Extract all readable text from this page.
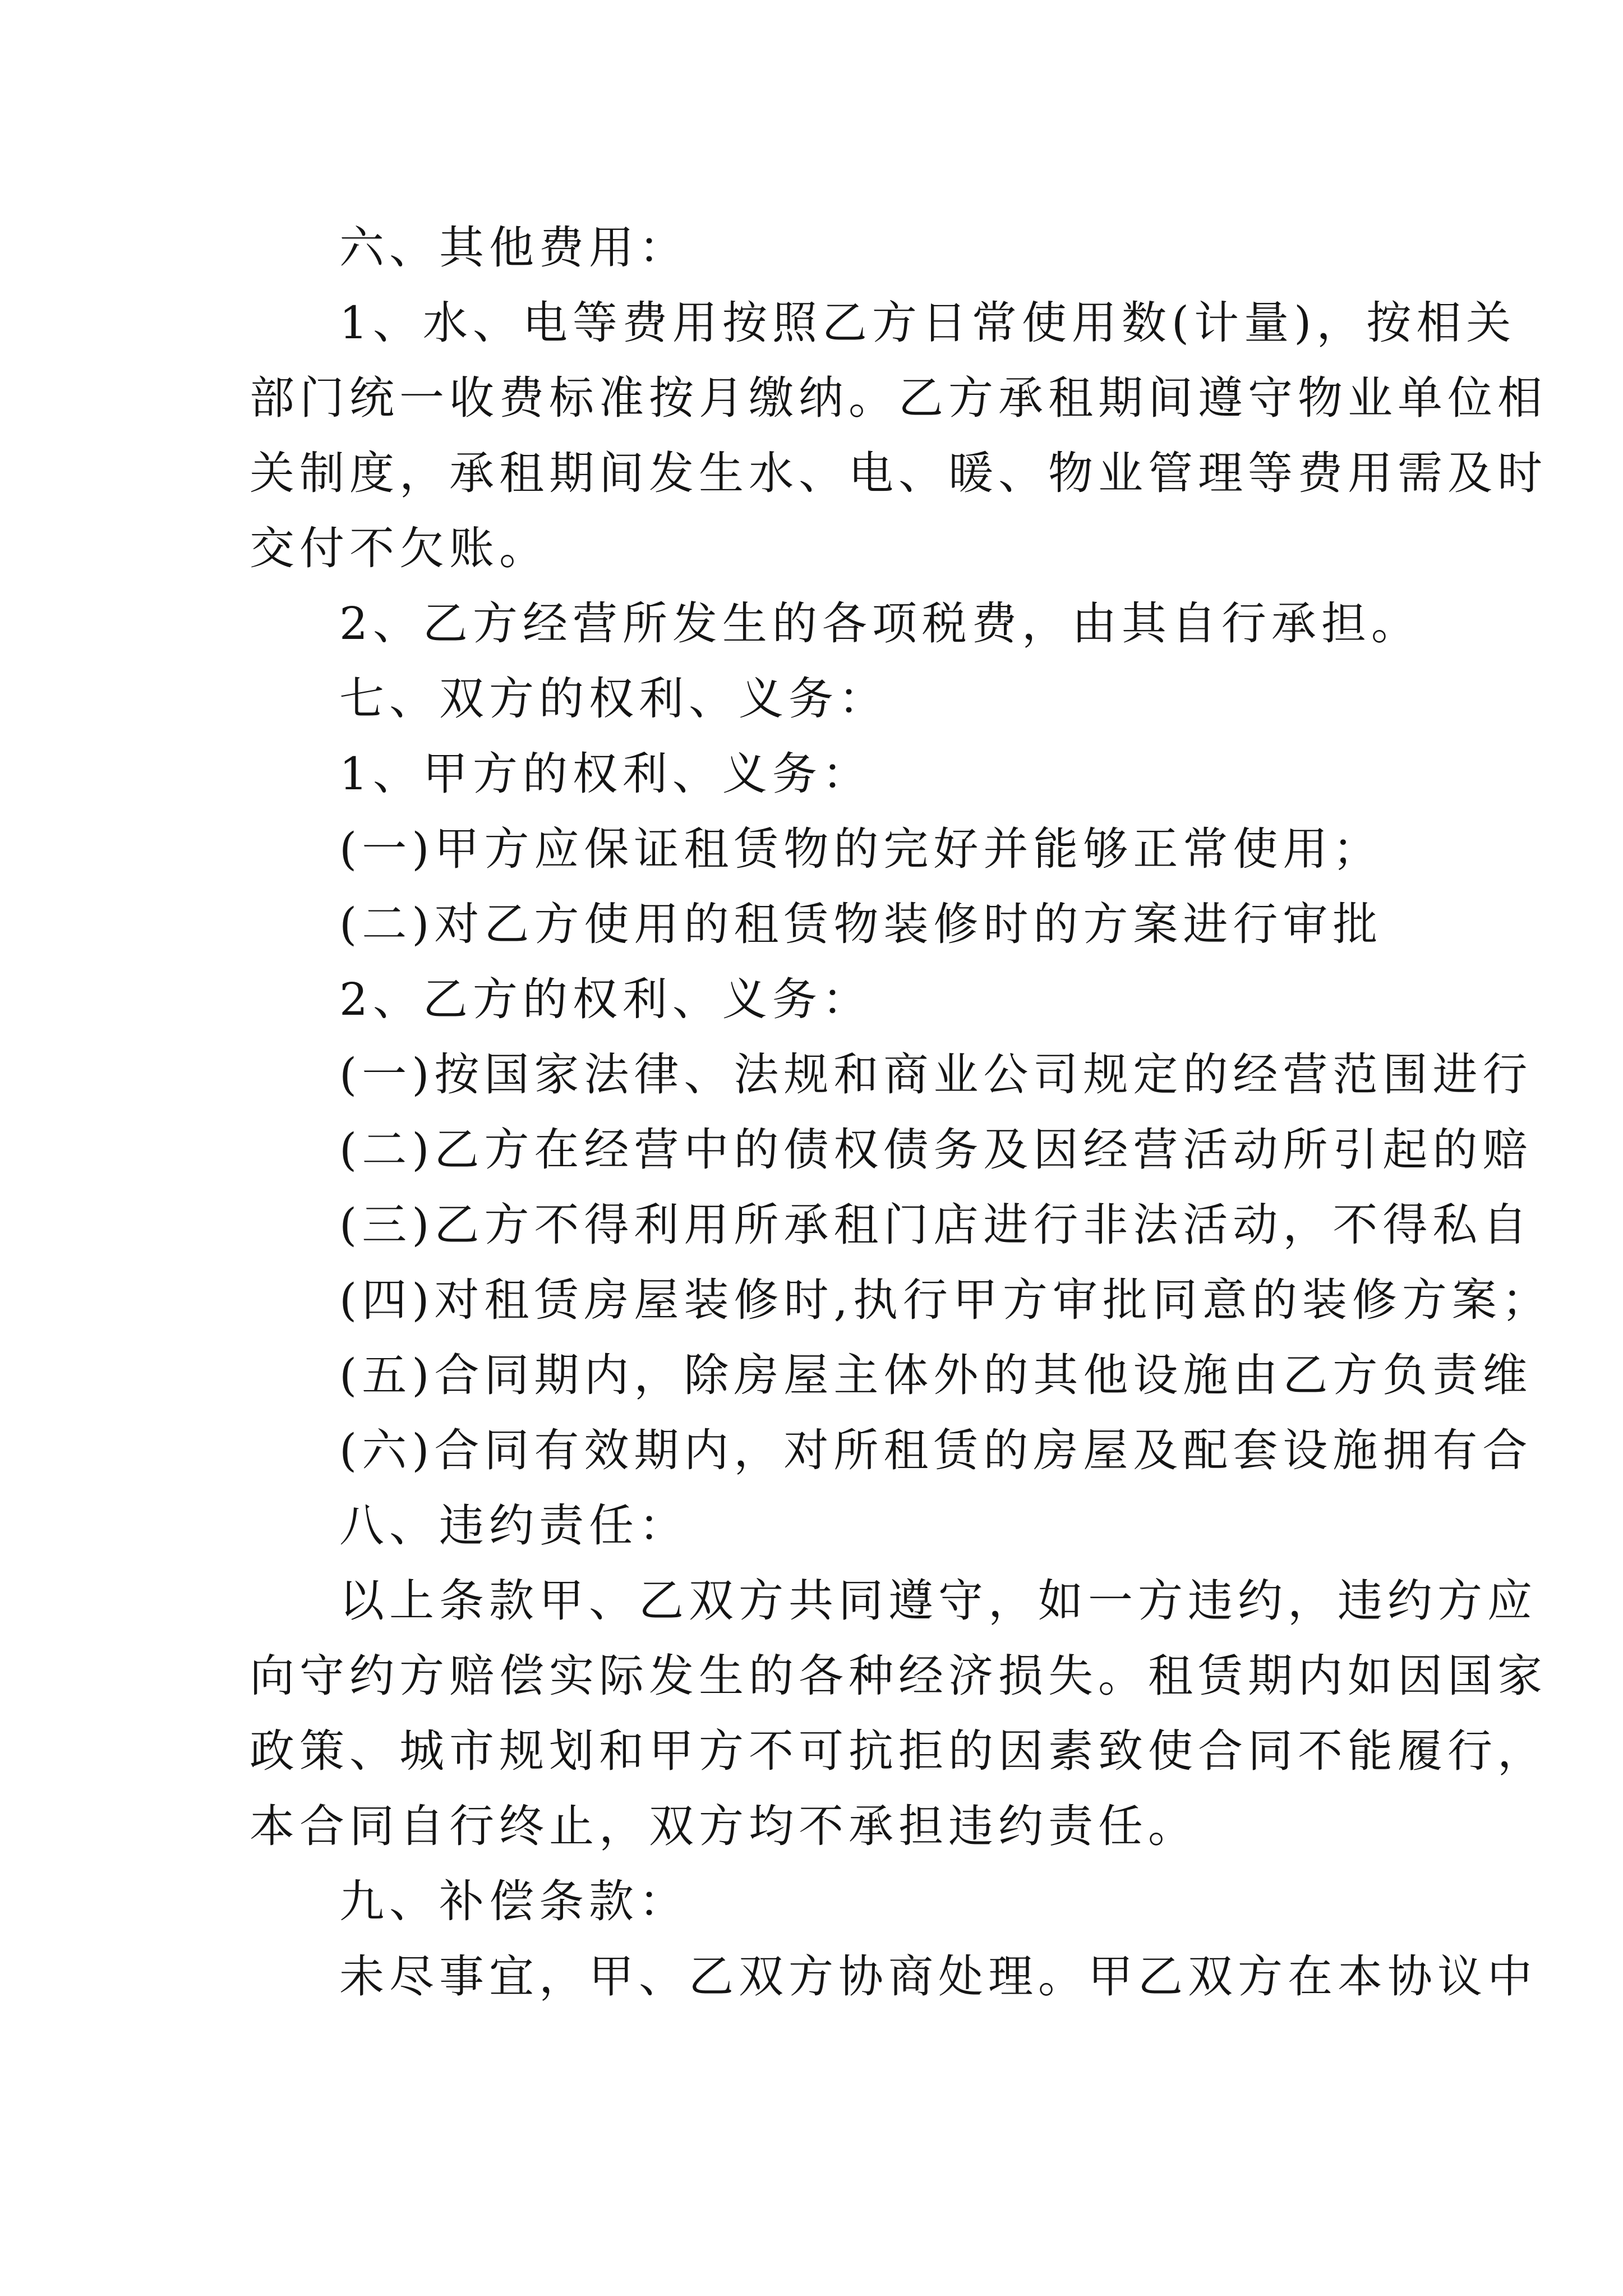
六、其他费用：
1、水、电等费用按照乙方日常使用数(计量)，按相关
部门统一收费标准按月缴纳。乙方承租期间遵守物业单位相
关制度，承租期间发生水、电、暖、物业管理等费用需及时
交付不欠账。
2、乙方经营所发生的各项税费，由其自行承担。
七、双方的权利、义务：
1、甲方的权利、义务：
(一)甲方应保证租赁物的完好并能够正常使用；
(二)对乙方使用的租赁物装修时的方案进行审批
2、乙方的权利、义务：
(一)按国家法律、法规和商业公司规定的经营范围进行
(二)乙方在经营中的债权债务及因经营活动所引起的赔
(三)乙方不得利用所承租门店进行非法活动，不得私自
(四)对租赁房屋装修时,执行甲方审批同意的装修方案；
(五)合同期内，除房屋主体外的其他设施由乙方负责维
(六)合同有效期内，对所租赁的房屋及配套设施拥有合
八、违约责任：
以上条款甲、乙双方共同遵守，如一方违约，违约方应
向守约方赔偿实际发生的各种经济损失。租赁期内如因国家
政策、城市规划和甲方不可抗拒的因素致使合同不能履行，
本合同自行终止，双方均不承担违约责任。
九、补偿条款：
未尽事宜，甲、乙双方协商处理。甲乙双方在本协议中
